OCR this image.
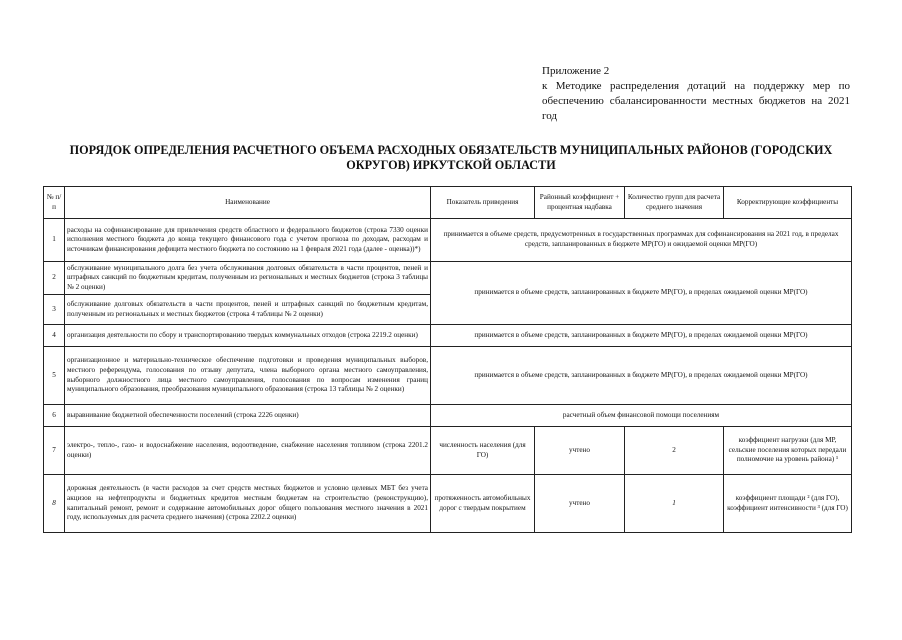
Приложение 2
к Методике распределения дотаций на поддержку мер по обеспечению сбалансированности местных бюджетов на 2021 год
ПОРЯДОК ОПРЕДЕЛЕНИЯ РАСЧЕТНОГО ОБЪЕМА РАСХОДНЫХ ОБЯЗАТЕЛЬСТВ МУНИЦИПАЛЬНЫХ РАЙОНОВ (ГОРОДСКИХ ОКРУГОВ) ИРКУТСКОЙ ОБЛАСТИ
№ п/п	Наименование	Показатель приведения	Районный коэффициент + процентная надбавка	Количество групп для расчета среднего значения	Корректирующие коэффициенты
1	расходы на софинансирование для привлечения средств областного и федерального бюджетов (строка 7330 оценки исполнения местного бюджета до конца текущего финансового года с учетом прогноза по доходам, расходам и источникам финансирования дефицита местного бюджета по состоянию на 1 февраля 2021 года (далее - оценка))*)	принимается в объеме средств, предусмотренных в государственных программах для софинансирования на 2021 год, в пределах средств, запланированных в бюджете МР(ГО) и ожидаемой оценки МР(ГО)			
2	обслуживание муниципального долга без учета обслуживания долговых обязательств в части процентов, пеней и штрафных санкций по бюджетным кредитам, полученным из региональных и местных бюджетов (строка 3 таблицы № 2 оценки)	принимается в объеме средств, запланированных в бюджете МР(ГО), в пределах ожидаемой оценки МР(ГО)			
3	обслуживание долговых обязательств в части процентов, пеней и штрафных санкций по бюджетным кредитам, полученным из региональных и местных бюджетов (строка 4 таблицы № 2 оценки)				
4	организация деятельности по сбору и транспортированию твердых коммунальных отходов (строка 2219.2 оценки)	принимается в объеме средств, запланированных в бюджете МР(ГО), в пределах ожидаемой оценки МР(ГО)			
5	организационное и материально-техническое обеспечение подготовки и проведения муниципальных выборов, местного референдума, голосования по отзыву депутата, члена выборного органа местного самоуправления, выборного должностного лица местного самоуправления, голосования по вопросам изменения границ муниципального образования, преобразования муниципального образования (строка 13 таблицы № 2 оценки)	принимается в объеме средств, запланированных в бюджете МР(ГО), в пределах ожидаемой оценки МР(ГО)			
6	выравнивание бюджетной обеспеченности поселений (строка 2226 оценки)	расчетный объем финансовой помощи поселениям			
7	электро-, тепло-, газо- и водоснабжение населения, водоотведение, снабжение населения топливом (строка 2201.2 оценки)	численность населения (для ГО)	учтено	2	коэффициент нагрузки (для МР, сельские поселения которых передали полномочие на уровень района) ¹
8	дорожная деятельность (в части расходов за счет средств местных бюджетов и условно целевых МБТ без учета акцизов на нефтепродукты и бюджетных кредитов местным бюджетам на строительство (реконструкцию), капитальный ремонт, ремонт и содержание автомобильных дорог общего пользования местного значения в 2021 году, используемых для расчета среднего значения) (строка 2202.2 оценки)	протяженность автомобильных дорог с твердым покрытием	учтено	1	коэффициент площади ² (для ГО), коэффициент интенсивности ³ (для ГО)
